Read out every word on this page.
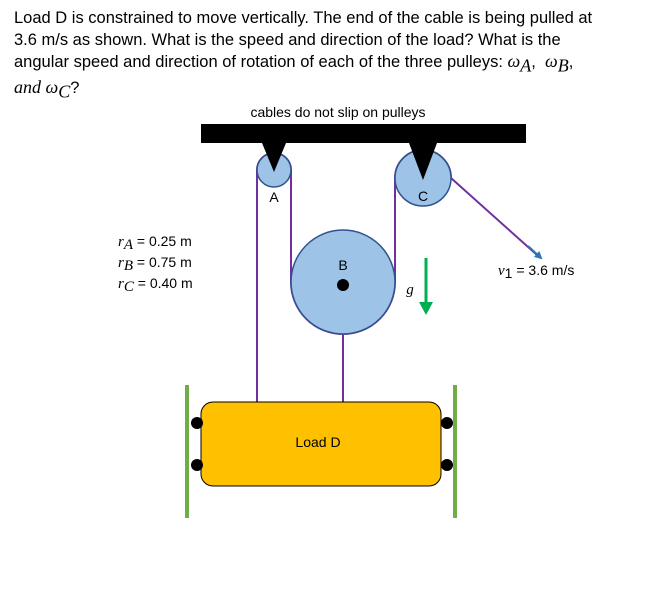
Load D is constrained to move vertically. The end of the cable is being pulled at
3.6 m/s as shown. What is the speed and direction of the load? What is the
angular speed and direction of rotation of each of the three pulleys: $\omega_A$,  $\omega_B$,
and $\omega_C$?
cables do not slip on pulleys
A	C
B
g
Load D
rA = 0.25 m
rB = 0.75 m
rC = 0.40 m
v1 = 3.6 m/s
